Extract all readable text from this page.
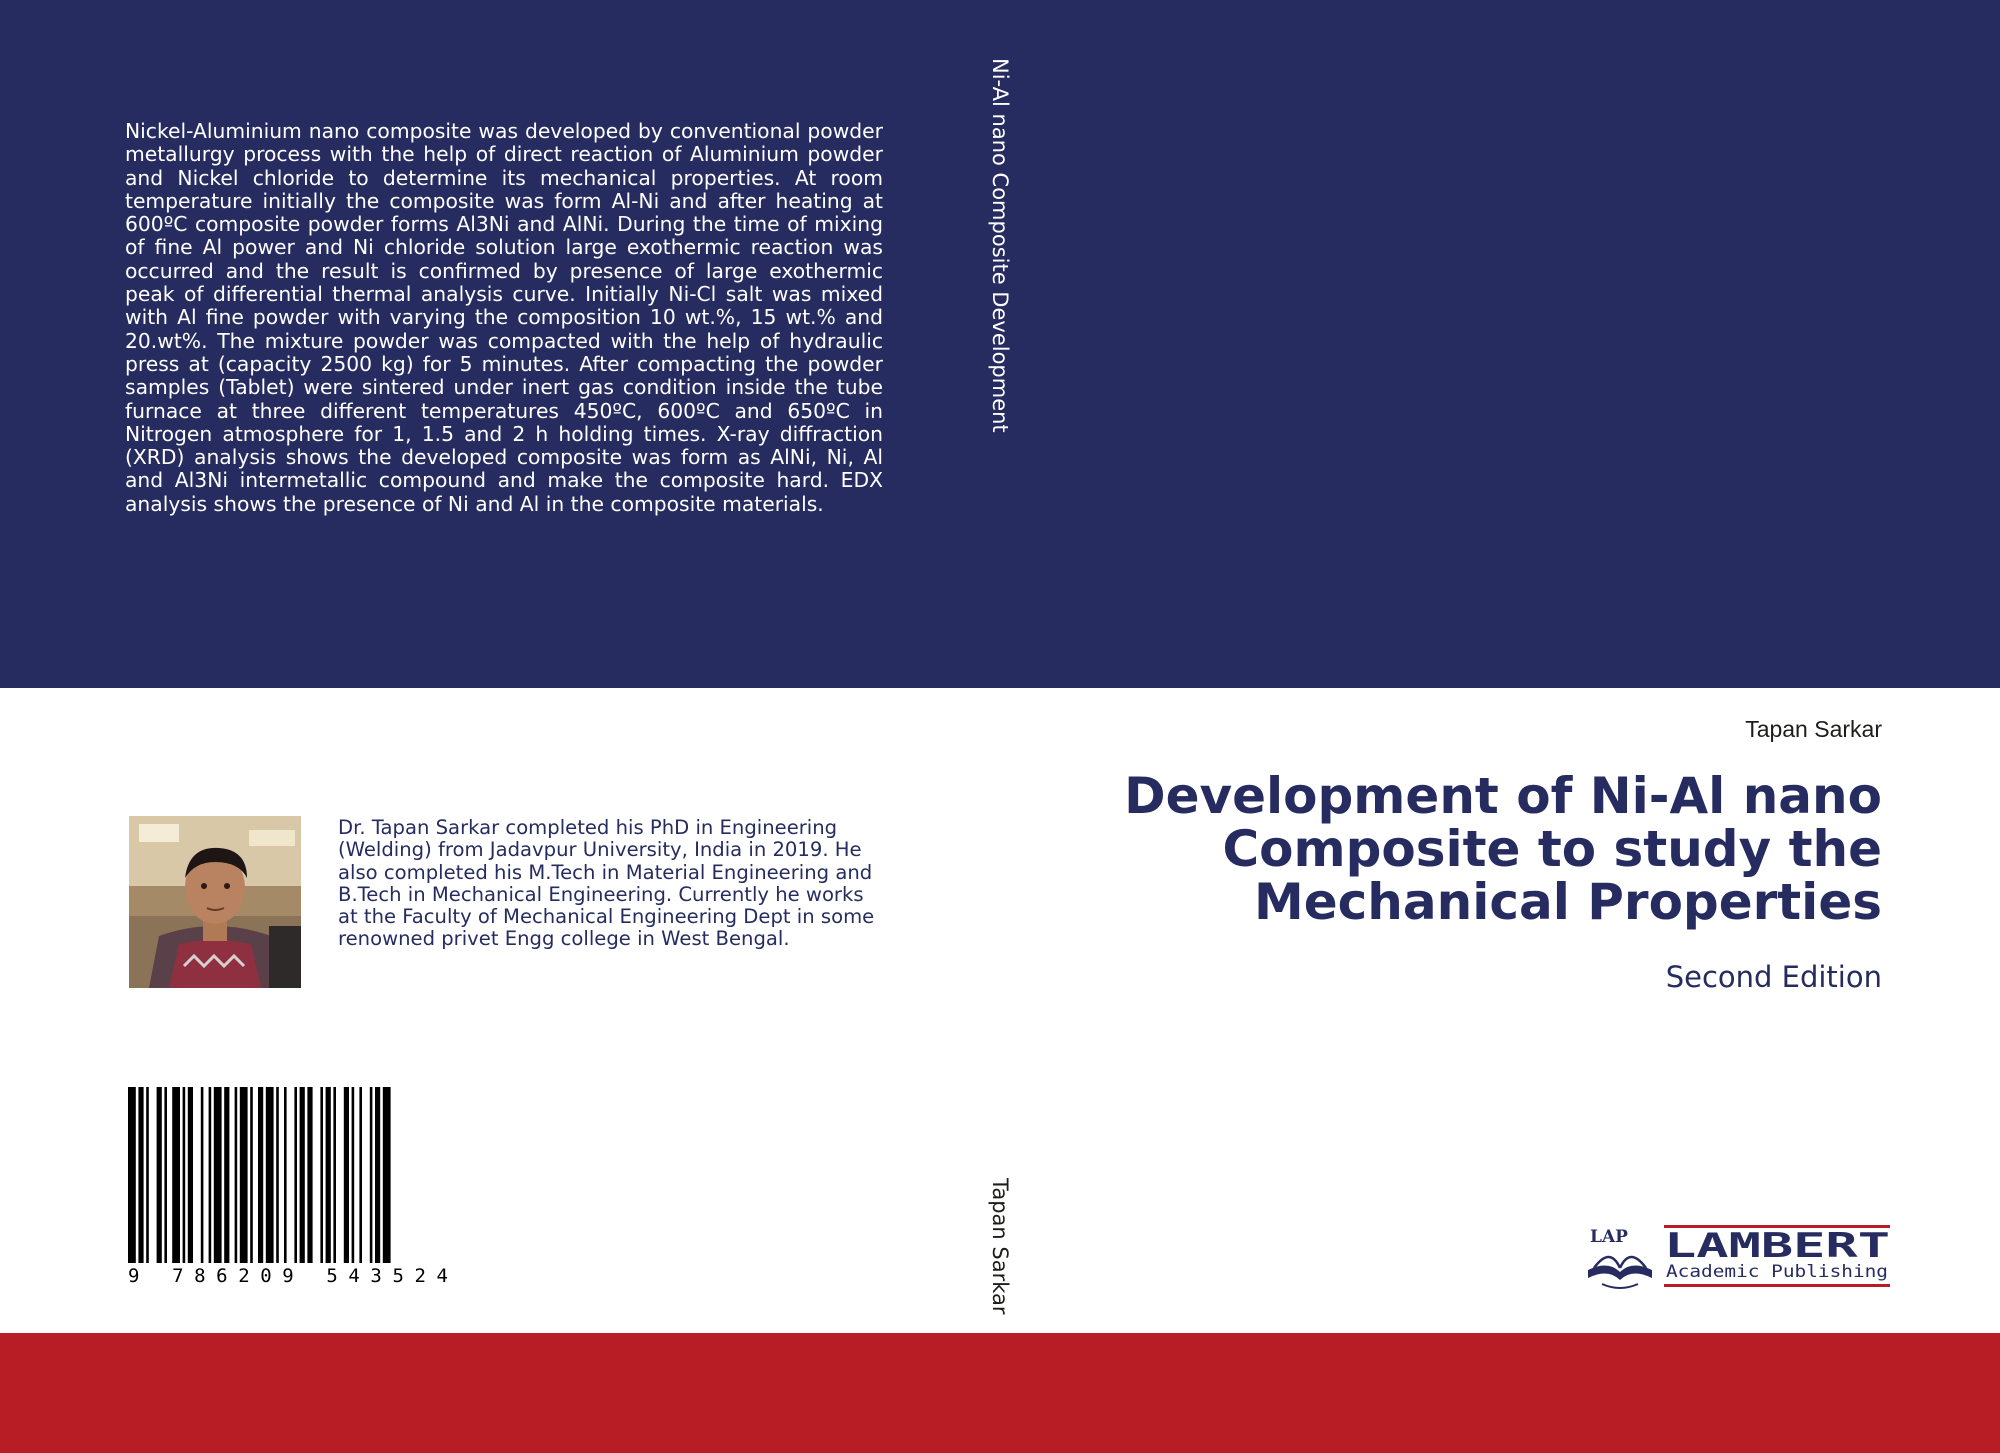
Nickel-Aluminium nano composite was developed by conventional powder metallurgy process with the help of direct reaction of Aluminium powder and Nickel chloride to determine its mechanical properties. At room temperature initially the composite was form Al-Ni and after heating at 600ºC composite powder forms Al3Ni and AlNi. During the time of mixing of fine Al power and Ni chloride solution large exothermic reaction was occurred and the result is confirmed by presence of large exothermic peak of differential thermal analysis curve. Initially Ni-Cl salt was mixed with Al fine powder with varying the composition 10 wt.%, 15 wt.% and 20.wt%. The mixture powder was compacted with the help of hydraulic press at (capacity 2500 kg) for 5 minutes. After compacting the powder samples (Tablet) were sintered under inert gas condition inside the tube furnace at three different temperatures 450ºC, 600ºC and 650ºC in Nitrogen atmosphere for 1, 1.5 and 2 h holding times. X-ray diffraction (XRD) analysis shows the developed composite was form as AlNi, Ni, Al and Al3Ni intermetallic compound and make the composite hard. EDX analysis shows the presence of Ni and Al in the composite materials.

Ni-Al nano Composite Development
Tapan Sarkar
Tapan Sarkar
Development of Ni-Al nano Composite to study the Mechanical Properties
Second Edition

Dr. Tapan Sarkar completed his PhD in Engineering (Welding) from Jadavpur University, India in 2019. He also completed his M.Tech in Material Engineering and B.Tech in Mechanical Engineering. Currently he works at the Faculty of Mechanical Engineering Dept in some renowned privet Engg college in West Bengal.

9 786209 543524
LAP LAMBERT
Academic Publishing
